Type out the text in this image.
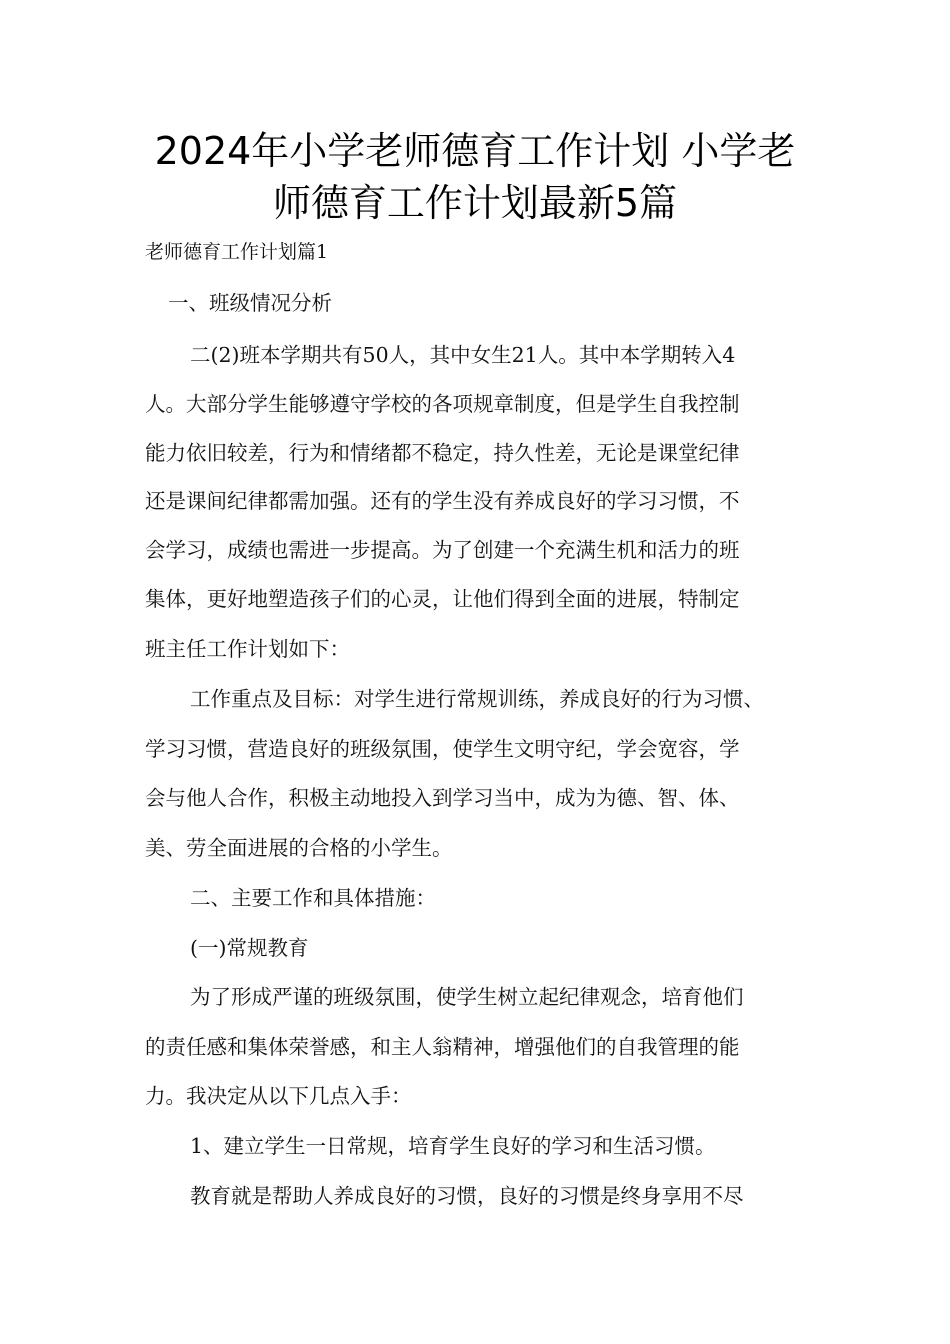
2024年小学老师德育工作计划 小学老
师德育工作计划最新5篇
老师德育工作计划篇1
一、班级情况分析
二(2)班本学期共有50人，其中女生21人。其中本学期转入4
人。大部分学生能够遵守学校的各项规章制度，但是学生自我控制
能力依旧较差，行为和情绪都不稳定，持久性差，无论是课堂纪律
还是课间纪律都需加强。还有的学生没有养成良好的学习习惯，不
会学习，成绩也需进一步提高。为了创建一个充满生机和活力的班
集体，更好地塑造孩子们的心灵，让他们得到全面的进展，特制定
班主任工作计划如下：
工作重点及目标：对学生进行常规训练，养成良好的行为习惯、
学习习惯，营造良好的班级氛围，使学生文明守纪，学会宽容，学
会与他人合作，积极主动地投入到学习当中，成为为德、智、体、
美、劳全面进展的合格的小学生。
二、主要工作和具体措施：
(一)常规教育
为了形成严谨的班级氛围，使学生树立起纪律观念，培育他们
的责任感和集体荣誉感，和主人翁精神，增强他们的自我管理的能
力。我决定从以下几点入手：
1、建立学生一日常规，培育学生良好的学习和生活习惯。
教育就是帮助人养成良好的习惯，良好的习惯是终身享用不尽
